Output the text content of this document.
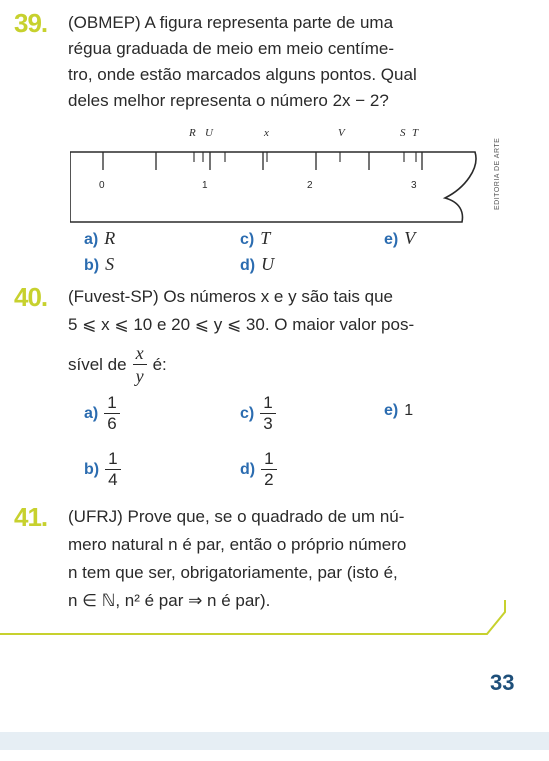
39. (OBMEP) A figura representa parte de uma
régua graduada de meio em meio centíme-
tro, onde estão marcados alguns pontos. Qual
deles melhor representa o número 2x − 2?
R U	x	V	S T
0	1	2	3	EDITORIA DE ARTE
a) R	c) T	e) V
b) S	d) U
40. (Fuvest-SP) Os números x e y são tais que
5 ⩽ x ⩽ 10 e 20 ⩽ y ⩽ 30. O maior valor pos-
sível de $\frac{x}{y}$ é:
$a) \frac{1}{6}$	$c) \frac{1}{3}$	e) 1
$b) \frac{1}{4}$	$d) \frac{1}{2}$
41. (UFRJ) Prove que, se o quadrado de um nú-
mero natural n é par, então o próprio número
n tem que ser, obrigatoriamente, par (isto é,
n ∈ ℕ, n² é par ⇒ n é par).
33
